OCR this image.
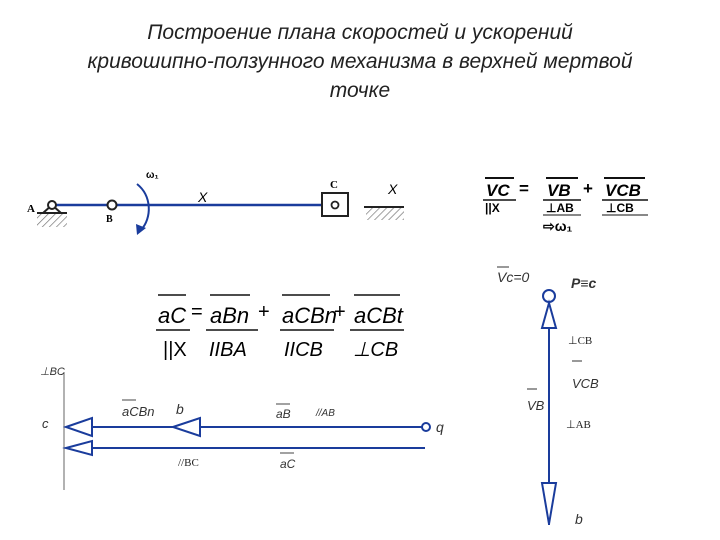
Построение плана скоростей и ускорений
кривошипно-ползунного механизма в верхней мертвой
точке
A
B
C
ω₁
X	X	VC = VB + VCB
||X	⊥AB	⊥CB
⇨ω₁
aC = aBn + aCBn
+ aCBt
||X IIBA IICB ⊥CB
⊥BC
c
aCBn b	aB	//AB
q
//BC	aC
Vc=0	P≡c
⊥CB
VCB
VB
⊥AB
b
